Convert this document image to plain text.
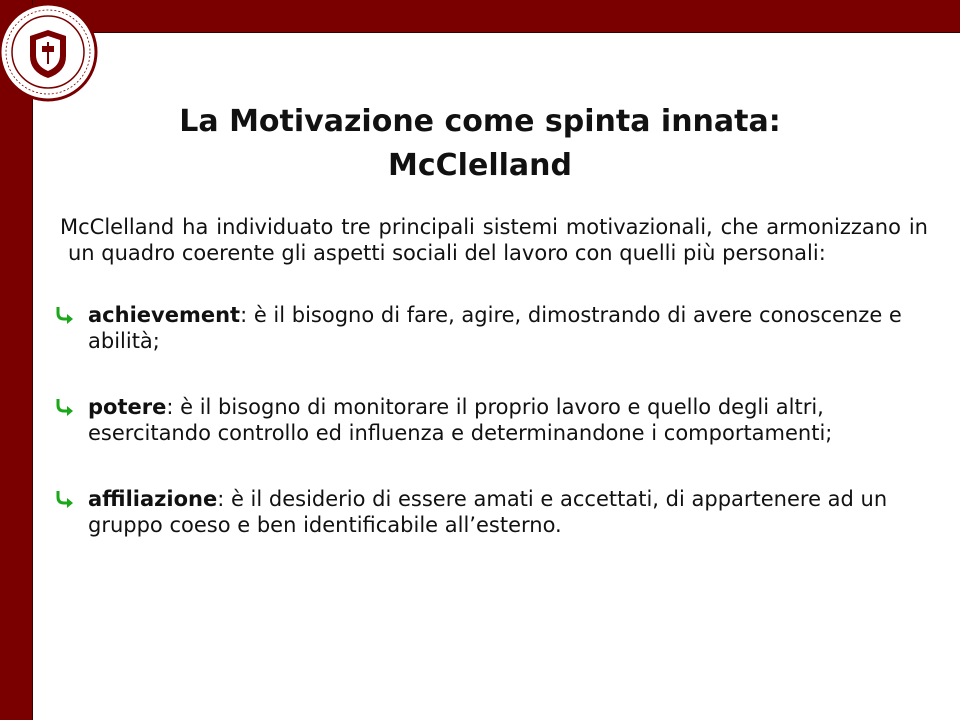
La Motivazione come spinta innata:
McClelland

McClelland ha individuato tre principali sistemi motivazionali, che armonizzano in un quadro coerente gli aspetti sociali del lavoro con quelli più personali:

achievement: è il bisogno di fare, agire, dimostrando di avere conoscenze e abilità;
potere: è il bisogno di monitorare il proprio lavoro e quello degli altri, esercitando controllo ed influenza e determinandone i comportamenti;
affiliazione: è il desiderio di essere amati e accettati, di appartenere ad un gruppo coeso e ben identificabile all’esterno.
